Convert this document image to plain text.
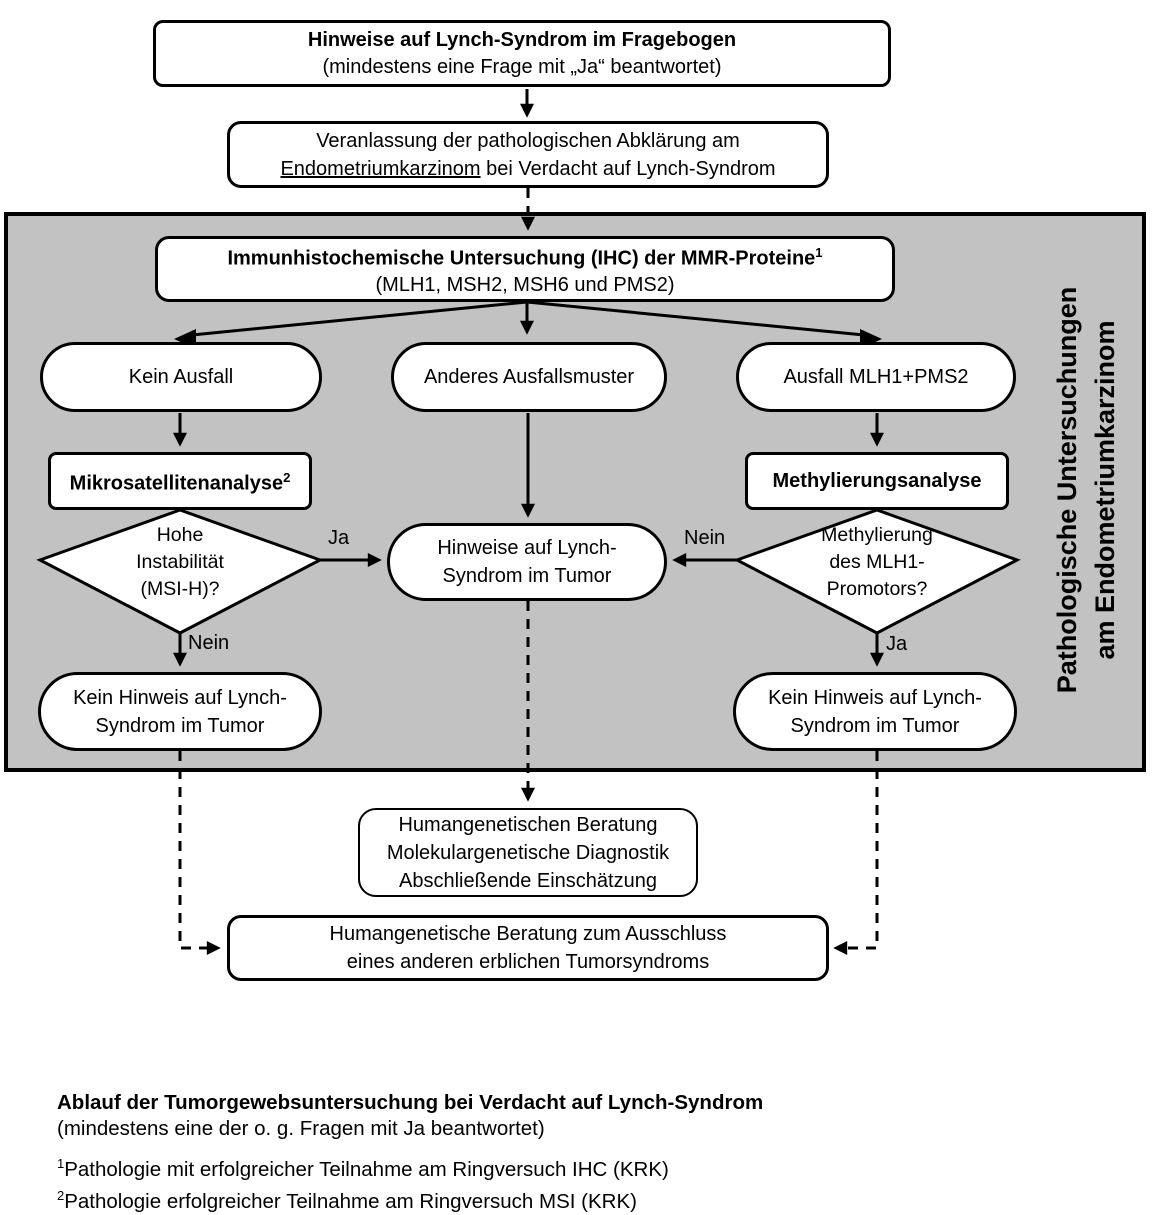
Hinweise auf Lynch-Syndrom im Fragebogen
(mindestens eine Frage mit „Ja“ beantwortet)
Veranlassung der pathologischen Abklärung am
Endometriumkarzinom bei Verdacht auf Lynch-Syndrom
Immunhistochemische Untersuchung (IHC) der MMR-Proteine$^1$
(MLH1, MSH2, MSH6 und PMS2)
Kein Ausfall	Anderes Ausfallsmuster	Ausfall MLH1+PMS2
Mikrosatellitenanalyse$^2$	Methylierungsanalyse
Hohe
Instabilität
(MSI-H)?
Methylierung
des MLH1-
Promotors?
Ja
Nein
Nein
Ja
Hinweise auf Lynch-
Syndrom im Tumor
Kein Hinweis auf Lynch-
Syndrom im Tumor
Kein Hinweis auf Lynch-
Syndrom im Tumor
Pathologische Untersuchungen am Endometriumkarzinom
Humangenetischen Beratung
Molekulargenetische Diagnostik
Abschließende Einschätzung
Humangenetische Beratung zum Ausschluss
eines anderen erblichen Tumorsyndroms
Ablauf der Tumorgewebsuntersuchung bei Verdacht auf Lynch-Syndrom
(mindestens eine der o. g. Fragen mit Ja beantwortet)
$^1$Pathologie mit erfolgreicher Teilnahme am Ringversuch IHC (KRK)
$^2$Pathologie erfolgreicher Teilnahme am Ringversuch MSI (KRK)
